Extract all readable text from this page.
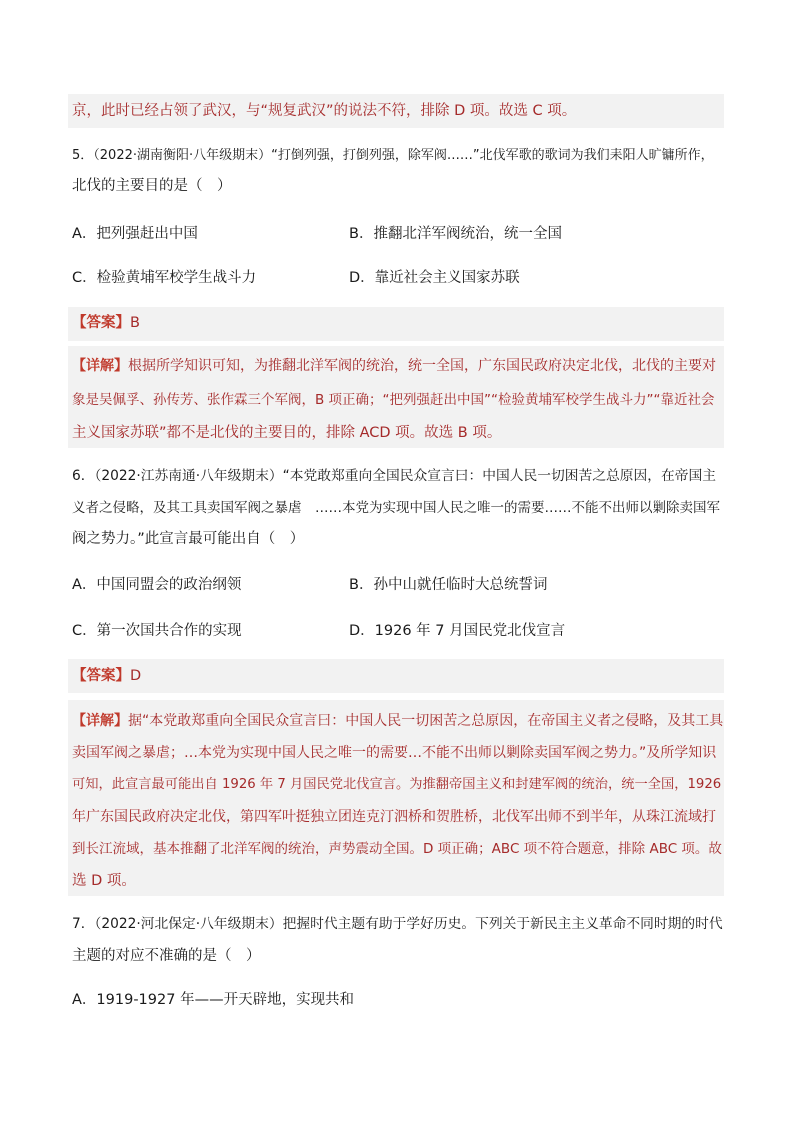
京，此时已经占领了武汉，与“规复武汉”的说法不符，排除 D 项。故选 C 项。
5．（2022·湖南衡阳·八年级期末）“打倒列强，打倒列强，除军阀……”北伐军歌的歌词为我们耒阳人旷镛所作，
北伐的主要目的是（　）
A．把列强赶出中国	B．推翻北洋军阀统治，统一全国
C．检验黄埔军校学生战斗力	D．靠近社会主义国家苏联
【答案】B
【详解】根据所学知识可知，为推翻北洋军阀的统治，统一全国，广东国民政府决定北伐，北伐的主要对
象是吴佩孚、孙传芳、张作霖三个军阀，B 项正确；“把列强赶出中国”“检验黄埔军校学生战斗力”“靠近社会
主义国家苏联”都不是北伐的主要目的，排除 ACD 项。故选 B 项。
6．（2022·江苏南通·八年级期末）“本党敢郑重向全国民众宣言曰：中国人民一切困苦之总原因，在帝国主
义者之侵略，及其工具卖国军阀之暴虐　……本党为实现中国人民之唯一的需要……不能不出师以剿除卖国军
阀之势力。”此宣言最可能出自（　）
A．中国同盟会的政治纲领	B．孙中山就任临时大总统誓词
C．第一次国共合作的实现	D．1926 年 7 月国民党北伐宣言
【答案】D
【详解】据“本党敢郑重向全国民众宣言曰：中国人民一切困苦之总原因，在帝国主义者之侵略，及其工具
卖国军阀之暴虐；…本党为实现中国人民之唯一的需要…不能不出师以剿除卖国军阀之势力。”及所学知识
可知，此宣言最可能出自 1926 年 7 月国民党北伐宣言。为推翻帝国主义和封建军阀的统治，统一全国，1926
年广东国民政府决定北伐，第四军叶挺独立团连克汀泗桥和贺胜桥，北伐军出师不到半年，从珠江流域打
到长江流域，基本推翻了北洋军阀的统治，声势震动全国。D 项正确；ABC 项不符合题意，排除 ABC 项。故
选 D 项。
7．（2022·河北保定·八年级期末）把握时代主题有助于学好历史。下列关于新民主主义革命不同时期的时代
主题的对应不准确的是（　）
A．1919-1927 年——开天辟地，实现共和
